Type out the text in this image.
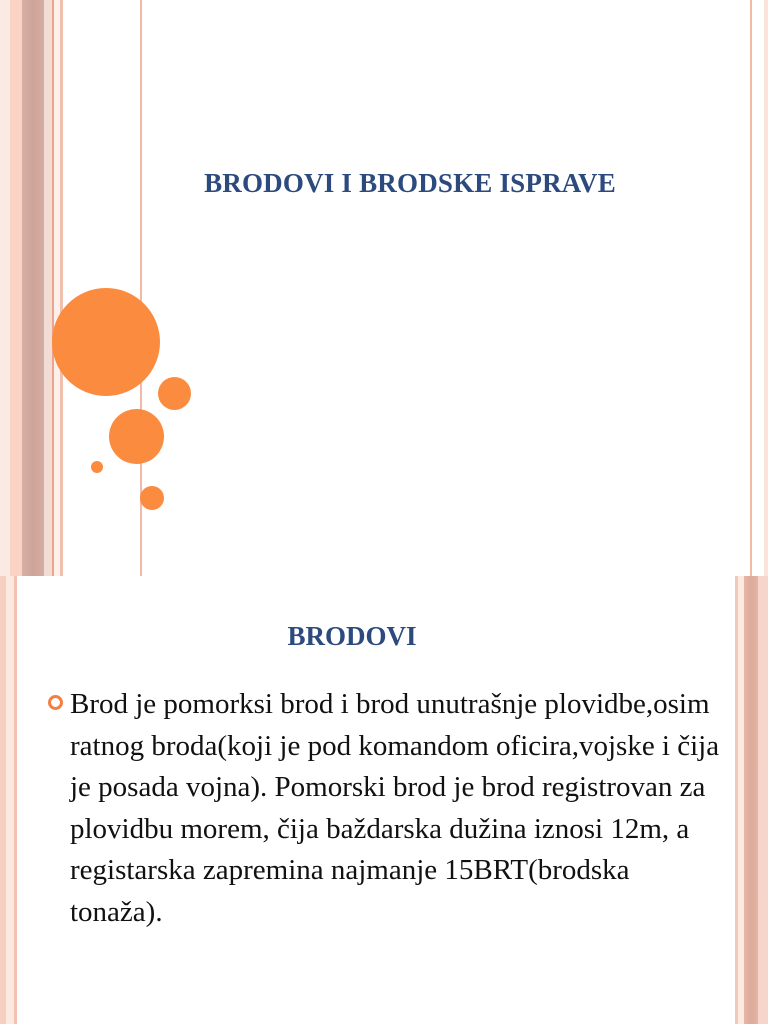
BRODOVI I BRODSKE ISPRAVE
BRODOVI

Brod je pomorksi brod i brod unutrašnje plovidbe,osim ratnog broda(koji je pod komandom oficira,vojske i čija je posada vojna). Pomorski brod je brod registrovan za plovidbu morem, čija baždarska dužina iznosi 12m, a registarska zapremina najmanje 15BRT(brodska tonaža).
